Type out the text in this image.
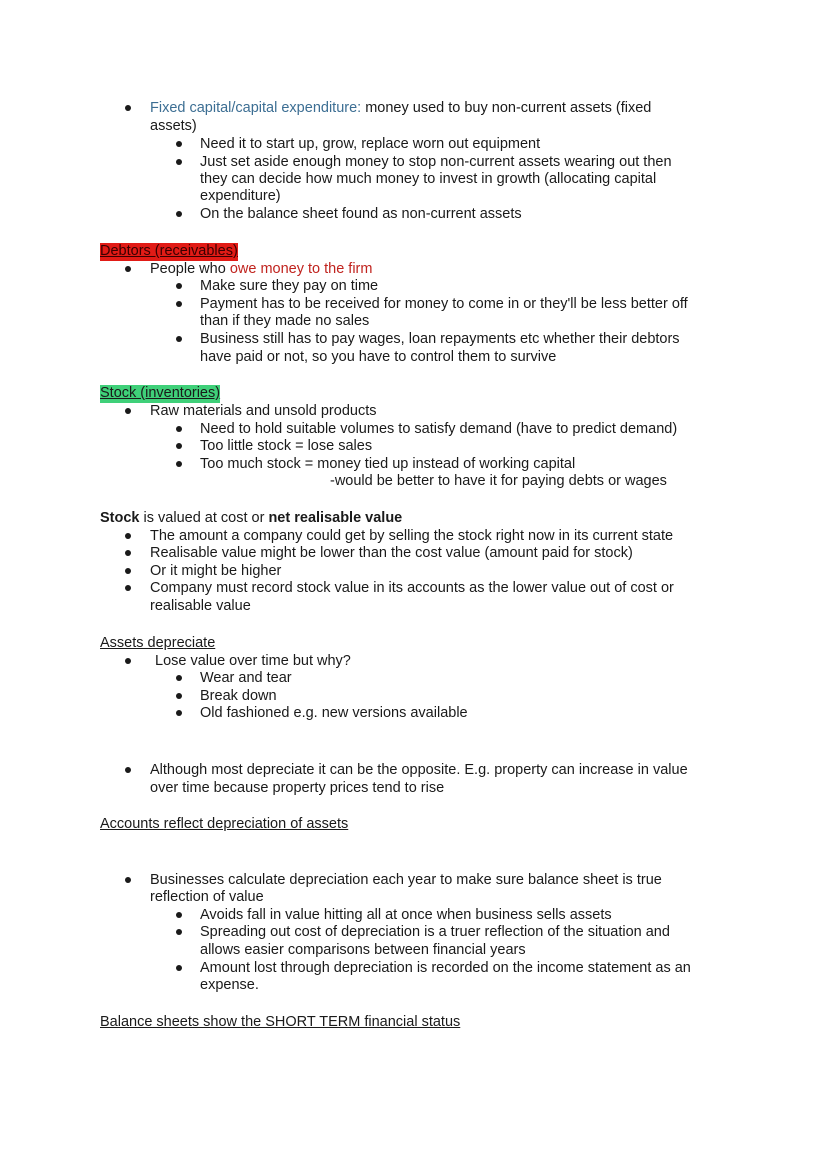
Fixed capital/capital expenditure: money used to buy non-current assets (fixed
assets)
Need it to start up, grow, replace worn out equipment
Just set aside enough money to stop non-current assets wearing out then
they can decide how much money to invest in growth (allocating capital
expenditure)
On the balance sheet found as non-current assets
Debtors (receivables)
People who owe money to the firm
Make sure they pay on time
Payment has to be received for money to come in or they'll be less better off
than if they made no sales
Business still has to pay wages, loan repayments etc whether their debtors
have paid or not, so you have to control them to survive
Stock (inventories)
Raw materials and unsold products
Need to hold suitable volumes to satisfy demand (have to predict demand)
Too little stock = lose sales
Too much stock = money tied up instead of working capital
-would be better to have it for paying debts or wages
Stock is valued at cost or net realisable value
The amount a company could get by selling the stock right now in its current state
Realisable value might be lower than the cost value (amount paid for stock)
Or it might be higher
Company must record stock value in its accounts as the lower value out of cost or
realisable value
Assets depreciate
Lose value over time but why?
Wear and tear
Break down
Old fashioned e.g. new versions available
Although most depreciate it can be the opposite. E.g. property can increase in value
over time because property prices tend to rise
Accounts reflect depreciation of assets
Businesses calculate depreciation each year to make sure balance sheet is true
reflection of value
Avoids fall in value hitting all at once when business sells assets
Spreading out cost of depreciation is a truer reflection of the situation and
allows easier comparisons between financial years
Amount lost through depreciation is recorded on the income statement as an
expense.
Balance sheets show the SHORT TERM financial status
